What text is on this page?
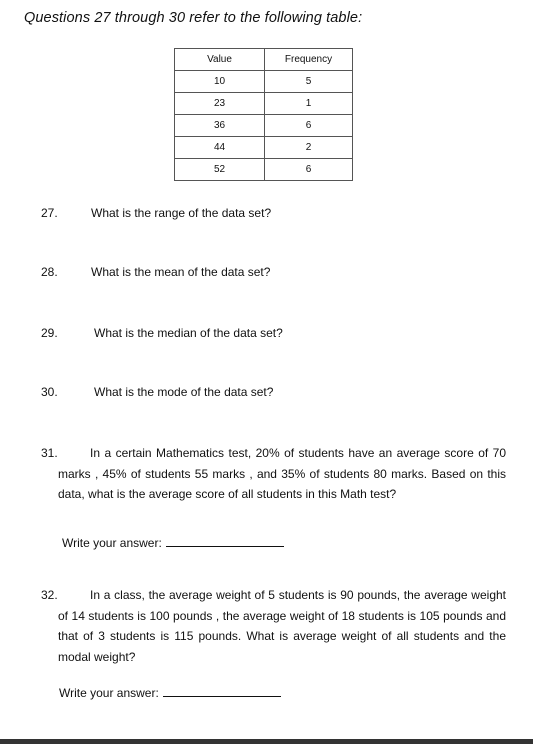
Questions 27 through 30 refer to the following table:
Value	Frequency
10	5
23	1
36	6
44	2
52	6
27.	What is the range of the data set?
28.	What is the mean of the data set?
29.	What is the median of the data set?
30.	What is the mode of the data set?
31.	In a certain Mathematics test, 20% of students have an average score of 70 marks , 45% of students 55 marks , and 35% of students 80 marks. Based on this data, what is the average score of all students in this Math test?
Write your answer:
32.	In a class, the average weight of 5 students is 90 pounds, the average weight of 14 students is 100 pounds , the average weight of 18 students is 105 pounds and that of 3 students is 115 pounds. What is average weight of all students and the modal weight?
Write your answer:
